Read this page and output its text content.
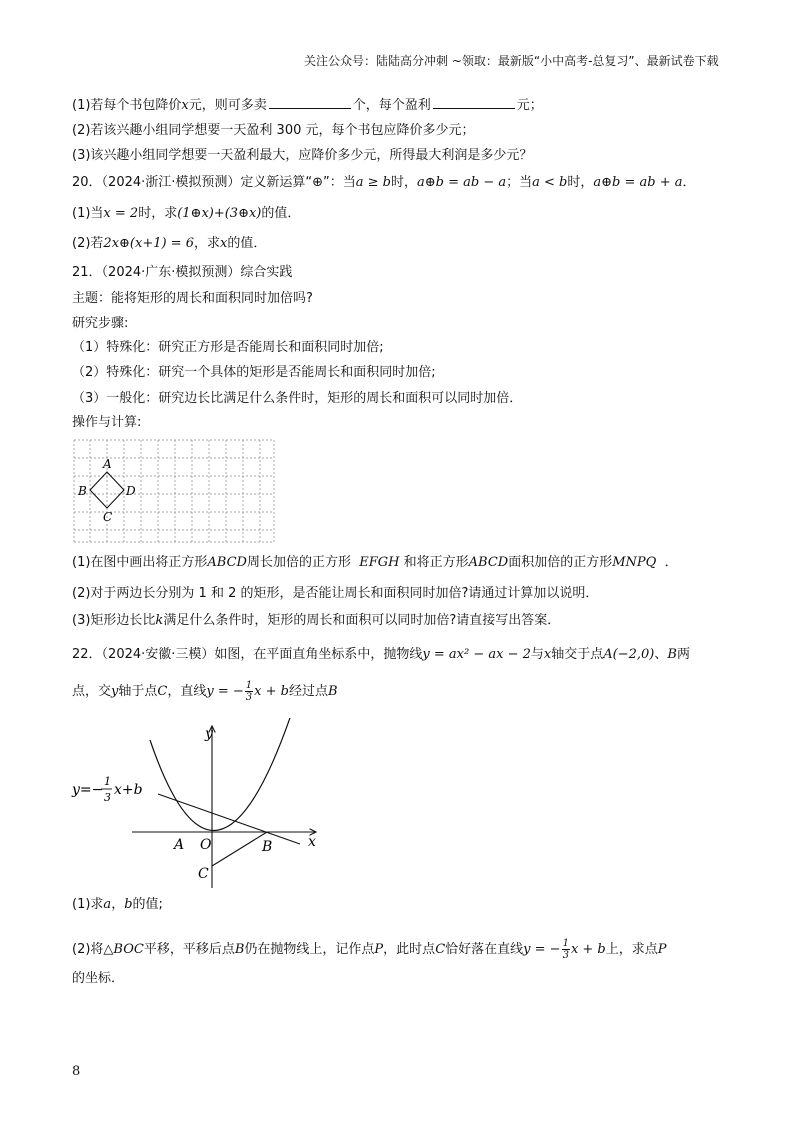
关注公众号：陆陆高分冲刺 ~领取：最新版“小中高考-总复习”、最新试卷下载
(1)若每个书包降价x元，则可多卖	个，每个盈利	元；
(2)若该兴趣小组同学想要一天盈利 300 元，每个书包应降价多少元；
(3)该兴趣小组同学想要一天盈利最大，应降价多少元，所得最大利润是多少元？
20．（2024·浙江·模拟预测）定义新运算“⊕”：当a ≥ b时，a⊕b = ab − a；当a < b时，a⊕b = ab + a．
(1)当x = 2时，求(1⊕x)+(3⊕x)的值．
(2)若2x⊕(x+1) = 6，求x的值．
21．（2024·广东·模拟预测）综合实践
主题：能将矩形的周长和面积同时加倍吗?
研究步骤:
（1）特殊化：研究正方形是否能周长和面积同时加倍;
（2）特殊化：研究一个具体的矩形是否能周长和面积同时加倍;
（3）一般化：研究边长比满足什么条件时，矩形的周长和面积可以同时加倍．
操作与计算:
A
B
C
D
(1)在图中画出将正方形ABCD周长加倍的正方形 EFGH 和将正方形ABCD面积加倍的正方形MNPQ ．
(2)对于两边长分别为 1 和 2 的矩形，是否能让周长和面积同时加倍?请通过计算加以说明．
(3)矩形边长比k满足什么条件时，矩形的周长和面积可以同时加倍?请直接写出答案．
22．（2024·安徽·三模）如图，在平面直角坐标系中，抛物线y = ax² − ax − 2与x轴交于点A(−2,0)、B两
点，交y轴于点C，直线y = − $\frac{1}{3}$ x + b经过点B
y
x
y=−
1
3 x+b
A O	B
C
(1)求a，b的值;
(2)将△BOC平移，平移后点B仍在抛物线上，记作点P，此时点C恰好落在直线y = − $\frac{1}{3}$ x + b上，求点P
的坐标．
8
